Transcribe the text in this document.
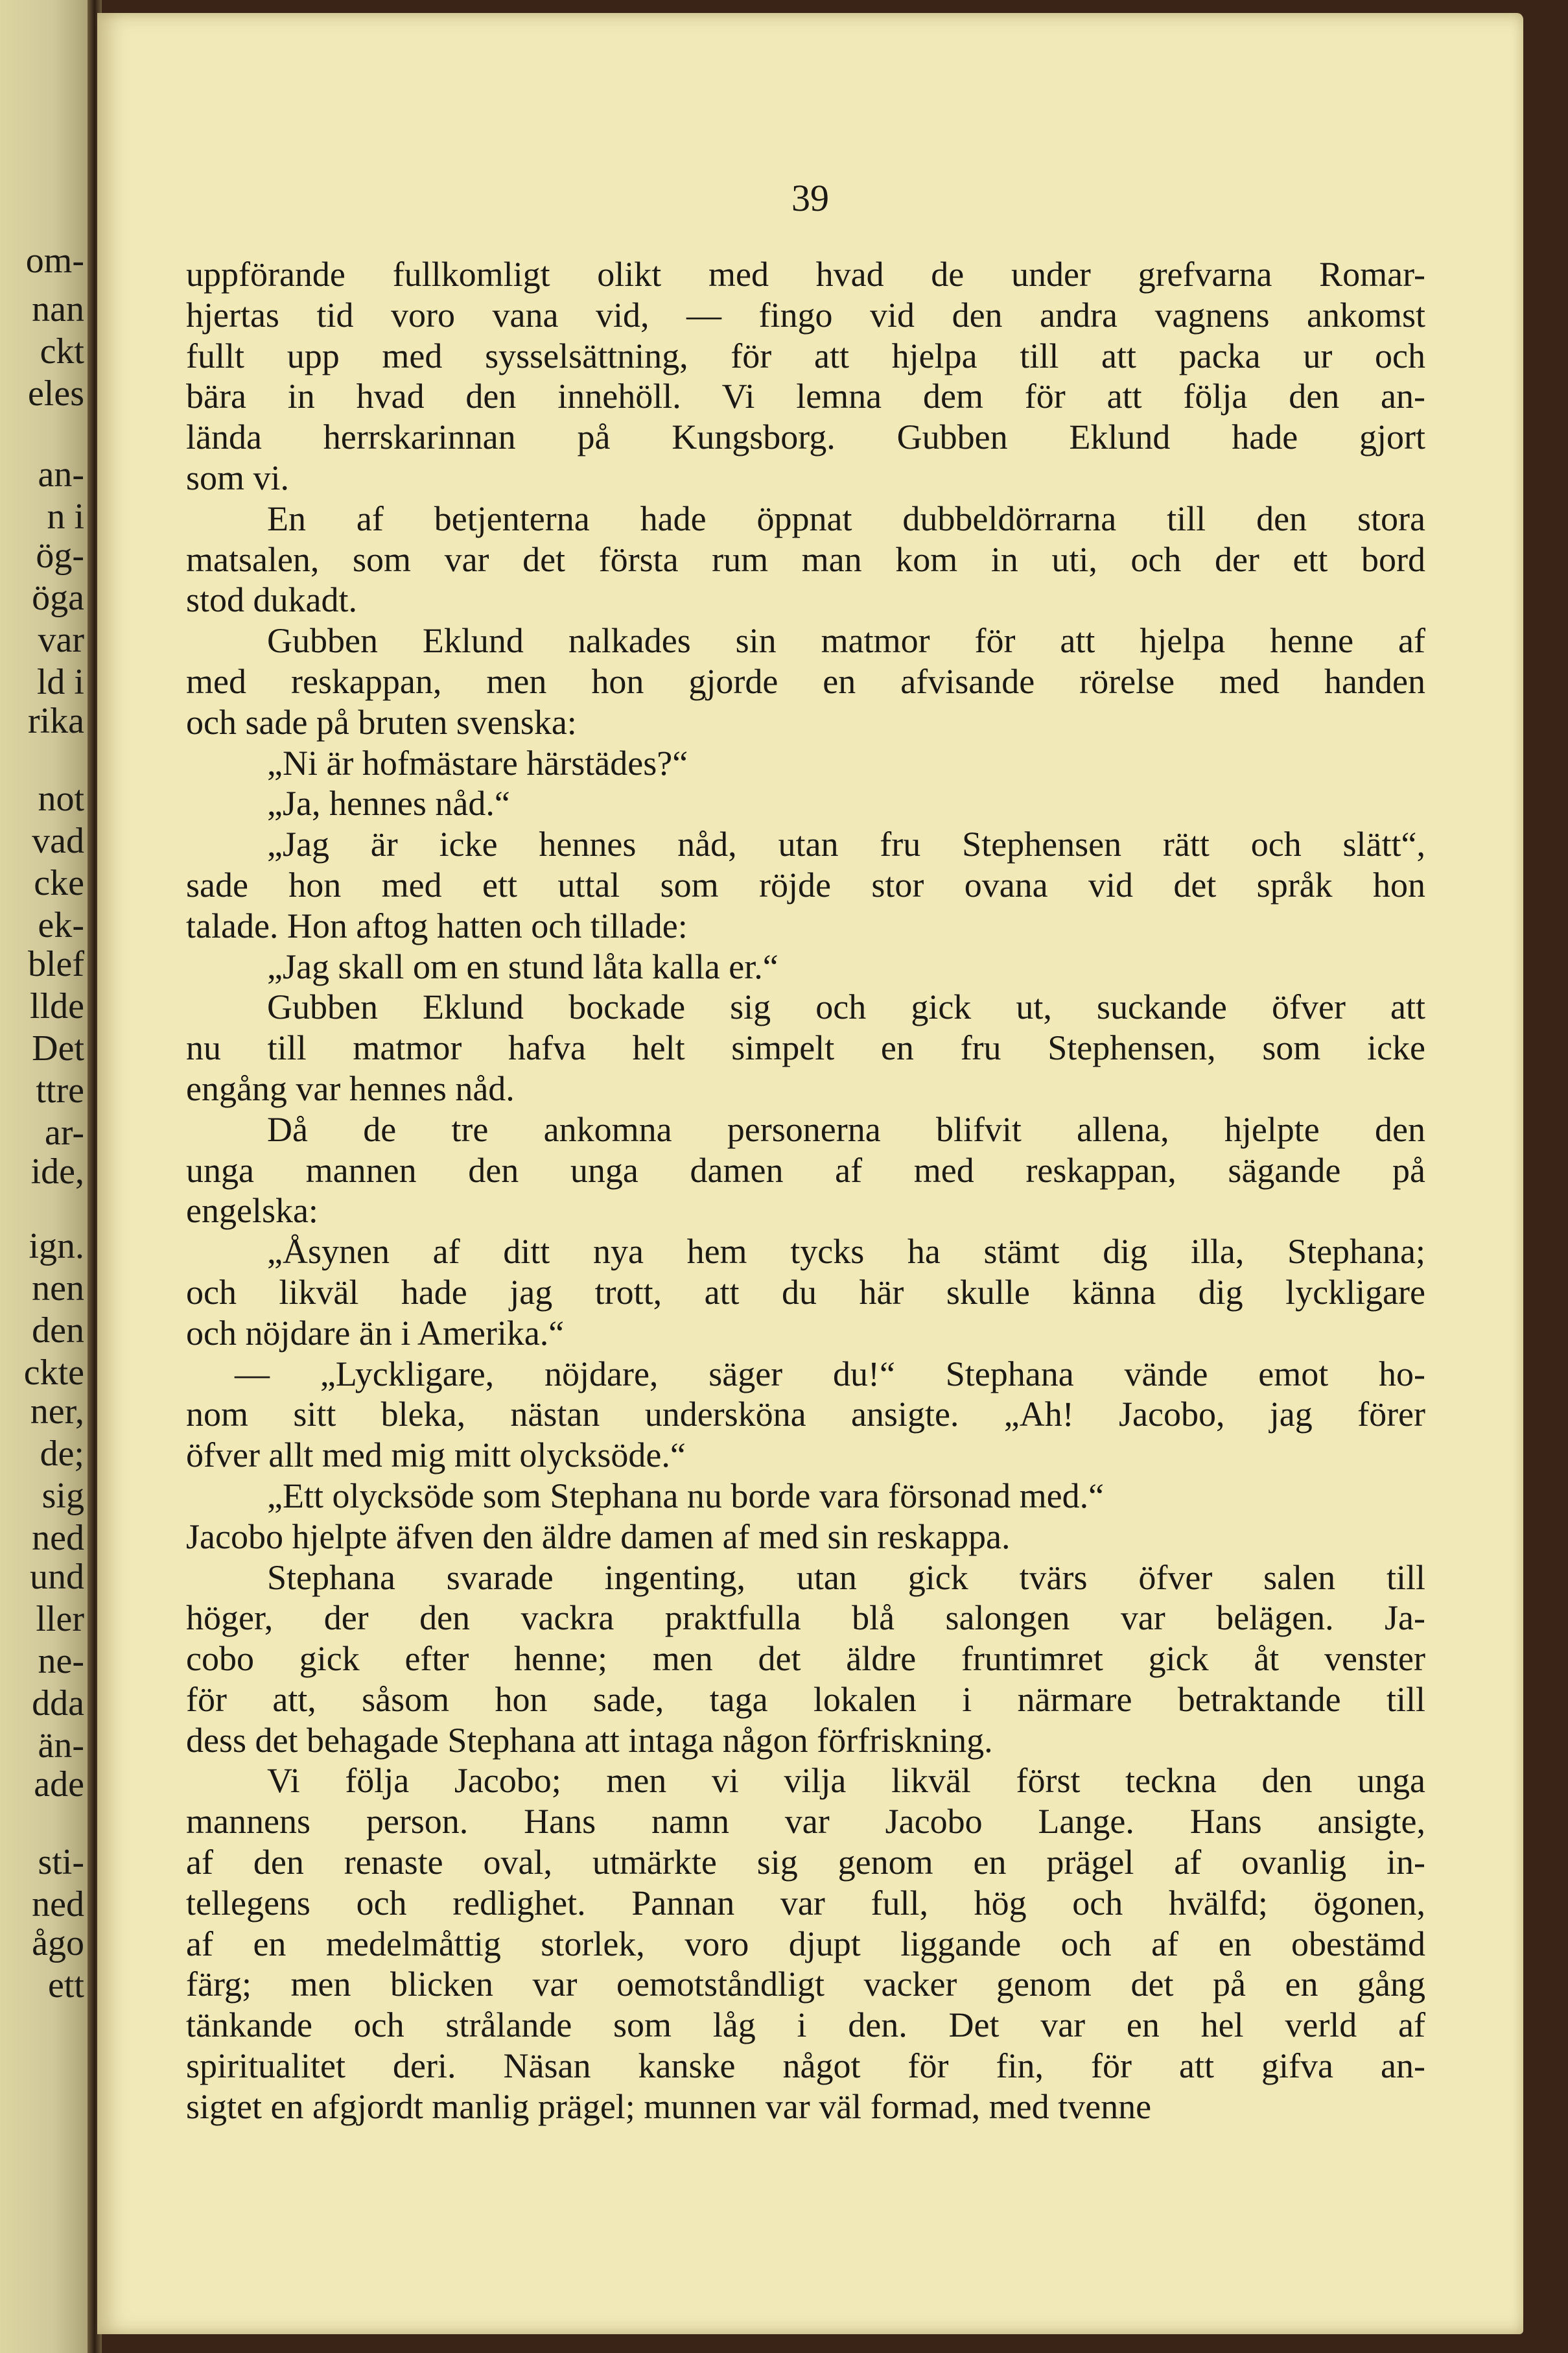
om-
nan
ckt
eles
an-
n i
ög-
öga
var
ld i
rika
not
vad
cke
ek-
blef
llde
Det
ttre
ar-
ide,
ign.
nen
den
ckte
ner,
de;
sig
ned
und
ller
ne-
dda
än-
ade
sti-
ned
ågo
ett
39
uppförande fullkomligt olikt med hvad de under grefvarna Romar-
hjertas tid voro vana vid, — fingo vid den andra vagnens ankomst
fullt upp med sysselsättning, för att hjelpa till att packa ur och
bära in hvad den innehöll. Vi lemna dem för att följa den an-
lända herrskarinnan på Kungsborg. Gubben Eklund hade gjort
som vi.
En af betjenterna hade öppnat dubbeldörrarna till den stora
matsalen, som var det första rum man kom in uti, och der ett bord
stod dukadt.
Gubben Eklund nalkades sin matmor för att hjelpa henne af
med reskappan, men hon gjorde en afvisande rörelse med handen
och sade på bruten svenska:
„Ni är hofmästare härstädes?“
„Ja, hennes nåd.“
„Jag är icke hennes nåd, utan fru Stephensen rätt och slätt“,
sade hon med ett uttal som röjde stor ovana vid det språk hon
talade. Hon aftog hatten och tillade:
„Jag skall om en stund låta kalla er.“
Gubben Eklund bockade sig och gick ut, suckande öfver att
nu till matmor hafva helt simpelt en fru Stephensen, som icke
engång var hennes nåd.
Då de tre ankomna personerna blifvit allena, hjelpte den
unga mannen den unga damen af med reskappan, sägande på
engelska:
„Åsynen af ditt nya hem tycks ha stämt dig illa, Stephana;
och likväl hade jag trott, att du här skulle känna dig lyckligare
och nöjdare än i Amerika.“
— „Lyckligare, nöjdare, säger du!“ Stephana vände emot ho-
nom sitt bleka, nästan undersköna ansigte. „Ah! Jacobo, jag förer
öfver allt med mig mitt olycksöde.“
„Ett olycksöde som Stephana nu borde vara försonad med.“
Jacobo hjelpte äfven den äldre damen af med sin reskappa.
Stephana svarade ingenting, utan gick tvärs öfver salen till
höger, der den vackra praktfulla blå salongen var belägen. Ja-
cobo gick efter henne; men det äldre fruntimret gick åt venster
för att, såsom hon sade, taga lokalen i närmare betraktande till
dess det behagade Stephana att intaga någon förfriskning.
Vi följa Jacobo; men vi vilja likväl först teckna den unga
mannens person. Hans namn var Jacobo Lange. Hans ansigte,
af den renaste oval, utmärkte sig genom en prägel af ovanlig in-
tellegens och redlighet. Pannan var full, hög och hvälfd; ögonen,
af en medelmåttig storlek, voro djupt liggande och af en obestämd
färg; men blicken var oemotståndligt vacker genom det på en gång
tänkande och strålande som låg i den. Det var en hel verld af
spiritualitet deri. Näsan kanske något för fin, för att gifva an-
sigtet en afgjordt manlig prägel; munnen var väl formad, med tvenne
